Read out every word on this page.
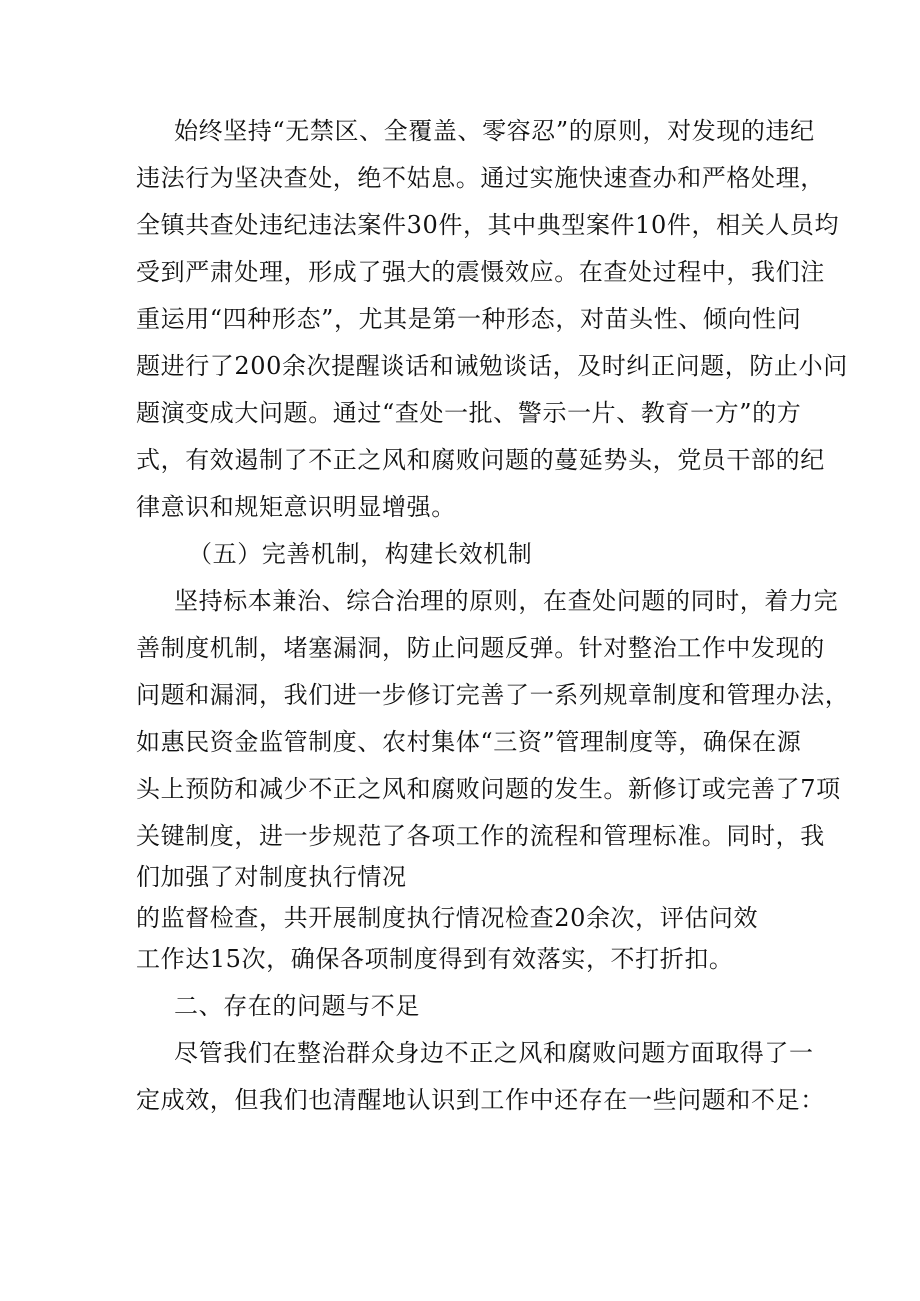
始终坚持“无禁区、全覆盖、零容忍”的原则，对发现的违纪
违法行为坚决查处，绝不姑息。通过实施快速查办和严格处理，
全镇共查处违纪违法案件30件，其中典型案件10件，相关人员均
受到严肃处理，形成了强大的震慑效应。在查处过程中，我们注
重运用“四种形态”，尤其是第一种形态，对苗头性、倾向性问
题进行了200余次提醒谈话和诫勉谈话，及时纠正问题，防止小问
题演变成大问题。通过“查处一批、警示一片、教育一方”的方
式，有效遏制了不正之风和腐败问题的蔓延势头，党员干部的纪
律意识和规矩意识明显增强。
（五）完善机制，构建长效机制
坚持标本兼治、综合治理的原则，在查处问题的同时，着力完
善制度机制，堵塞漏洞，防止问题反弹。针对整治工作中发现的
问题和漏洞，我们进一步修订完善了一系列规章制度和管理办法，
如惠民资金监管制度、农村集体“三资”管理制度等，确保在源
头上预防和减少不正之风和腐败问题的发生。新修订或完善了7项
关键制度，进一步规范了各项工作的流程和管理标准。同时，我
们加强了对制度执行情况
的监督检查，共开展制度执行情况检查20余次，评估问效
工作达15次，确保各项制度得到有效落实，不打折扣。
二、存在的问题与不足
尽管我们在整治群众身边不正之风和腐败问题方面取得了一
定成效，但我们也清醒地认识到工作中还存在一些问题和不足：
